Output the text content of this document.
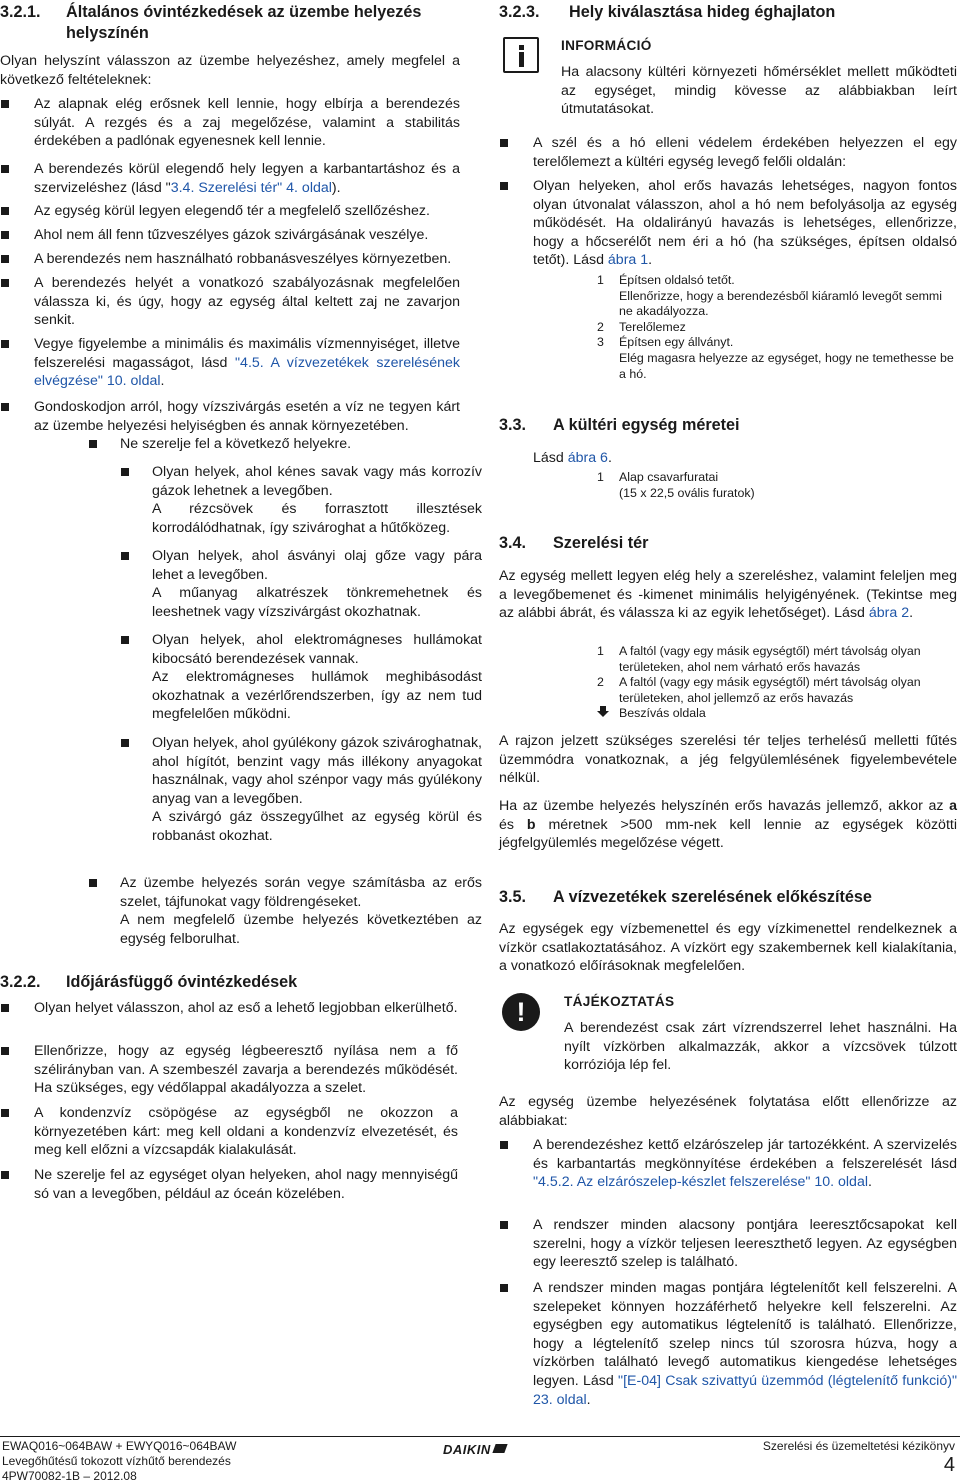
3.2.1. Általános óvintézkedések az üzembe helyezés helyszínén

Olyan helyszínt válasszon az üzembe helyezéshez, amely megfelel a következő feltételeknek:

Az alapnak elég erősnek kell lennie, hogy elbírja a berendezés súlyát. A rezgés és a zaj megelőzése, valamint a stabilitás érdekében a padlónak egyenesnek kell lennie.

A berendezés körül elegendő hely legyen a karbantartáshoz és a szervizeléshez (lásd "3.4. Szerelési tér" 4. oldal).

Az egység körül legyen elegendő tér a megfelelő szellőzéshez.

Ahol nem áll fenn tűzveszélyes gázok szivárgásának veszélye.

A berendezés nem használható robbanásveszélyes környezetben.

A berendezés helyét a vonatkozó szabályozásnak megfelelően válassza ki, és úgy, hogy az egység által keltett zaj ne zavarjon senkit.

Vegye figyelembe a minimális és maximális vízmennyiséget, illetve felszerelési magasságot, lásd "4.5. A vízvezetékek szerelésének elvégzése" 10. oldal.

Gondoskodjon arról, hogy vízszivárgás esetén a víz ne tegyen kárt az üzembe helyezési helyiségben és annak környezetében.

Ne szerelje fel a következő helyekre.

Olyan helyek, ahol kénes savak vagy más korrozív gázok lehetnek a levegőben.
A rézcsövek és forrasztott illesztések korrodálódhatnak, így szivároghat a hűtőközeg.

Olyan helyek, ahol ásványi olaj gőze vagy pára lehet a levegőben.
A műanyag alkatrészek tönkremehetnek és leeshetnek vagy vízszivárgást okozhatnak.

Olyan helyek, ahol elektromágneses hullámokat kibocsátó berendezések vannak.
Az elektromágneses hullámok meghibásodást okozhatnak a vezérlőrendszerben, így az nem tud megfelelően működni.

Olyan helyek, ahol gyúlékony gázok szivároghatnak, ahol hígítót, benzint vagy más illékony anyagokat használnak, vagy ahol szénpor vagy más gyúlékony anyag van a levegőben.
A szivárgó gáz összegyűlhet az egység körül és robbanást okozhat.

Az üzembe helyezés során vegye számításba az erős szelet, tájfunokat vagy földrengéseket.
A nem megfelelő üzembe helyezés következtében az egység felborulhat.

3.2.2. Időjárásfüggő óvintézkedések

Olyan helyet válasszon, ahol az eső a lehető legjobban elkerülhető.

Ellenőrizze, hogy az egység légbeeresztő nyílása nem a fő szélirányban van. A szembeszél zavarja a berendezés működését. Ha szükséges, egy védőlappal akadályozza a szelet.

A kondenzvíz csöpögése az egységből ne okozzon a környezetében kárt: meg kell oldani a kondenzvíz elvezetését, és meg kell előzni a vízcsapdák kialakulását.

Ne szerelje fel az egységet olyan helyeken, ahol nagy mennyiségű só van a levegőben, például az óceán közelében.

3.2.3. Hely kiválasztása hideg éghajlaton
INFORMÁCIÓ

Ha alacsony kültéri környezeti hőmérséklet mellett működteti az egységet, mindig kövesse az alábbiakban leírt útmutatásokat.

A szél és a hó elleni védelem érdekében helyezzen el egy terelőlemezt a kültéri egység levegő felőli oldalán:

Olyan helyeken, ahol erős havazás lehetséges, nagyon fontos olyan útvonalat válasszon, ahol a hó nem befolyásolja az egység működését. Ha oldalirányú havazás is lehetséges, ellenőrizze, hogy a hőcserélőt nem éri a hó (ha szükséges, építsen oldalsó tetőt). Lásd ábra 1.

1 Építsen oldalsó tetőt.
Ellenőrizze, hogy a berendezésből kiáramló levegőt semmi ne akadályozza.
2 Terelőlemez
3 Építsen egy állványt.
Elég magasra helyezze az egységet, hogy ne temethesse be a hó.
3.3. A kültéri egység méretei

Lásd ábra 6.

1 Alap csavarfuratai
(15 x 22,5 ovális furatok)
3.4. Szerelési tér

Az egység mellett legyen elég hely a szereléshez, valamint feleljen meg a levegőbemenet és -kimenet minimális helyigényének. (Tekintse meg az alábbi ábrát, és válassza ki az egyik lehetőséget). Lásd ábra 2.

1	A faltól (vagy egy másik egységtől) mért távolság olyan területeken, ahol nem várható erős havazás
2	A faltól (vagy egy másik egységtől) mért távolság olyan területeken, ahol jellemző az erős havazás
Beszívás oldala

A rajzon jelzett szükséges szerelési tér teljes terhelésű melletti fűtés üzemmódra vonatkoznak, a jég felgyülemlésének figyelembevétele nélkül.

Ha az üzembe helyezés helyszínén erős havazás jellemző, akkor az a és b méretnek >500 mm-nek kell lennie az egységek közötti jégfelgyülemlés megelőzése végett.

3.5. A vízvezetékek szerelésének előkészítése

Az egységek egy vízbemenettel és egy vízkimenettel rendelkeznek a vízkör csatlakoztatásához. A vízkört egy szakembernek kell kialakítania, a vonatkozó előírásoknak megfelelően.

!	TÁJÉKOZTATÁS

A berendezést csak zárt vízrendszerrel lehet használni. Ha nyílt vízkörben alkalmazzák, akkor a vízcsövek túlzott korróziója lép fel.

Az egység üzembe helyezésének folytatása előtt ellenőrizze az alábbiakat:

A berendezéshez kettő elzárószelep jár tartozékként. A szervizelés és karbantartás megkönnyítése érdekében a felszerelését lásd "4.5.2. Az elzárószelep-készlet felszerelése" 10. oldal.

A rendszer minden alacsony pontjára leeresztőcsapokat kell szerelni, hogy a vízkör teljesen leereszthető legyen. Az egységben egy leeresztő szelep is található.

A rendszer minden magas pontjára légtelenítőt kell felszerelni. A szelepeket könnyen hozzáférhető helyekre kell felszerelni. Az egységben egy automatikus légtelenítő is található. Ellenőrizze, hogy a légtelenítő szelep nincs túl szorosra húzva, hogy a vízkörben található levegő automatikus kiengedése lehetséges legyen. Lásd "[E-04] Csak szivattyú üzemmód (légtelenítő funkció)" 23. oldal.

EWAQ016~064BAW + EWYQ016~064BAW
Levegőhűtésű tokozott vízhűtő berendezés
4PW70082-1B – 2012.08
DAIKIN	Szerelési és üzemeltetési kézikönyv
4
